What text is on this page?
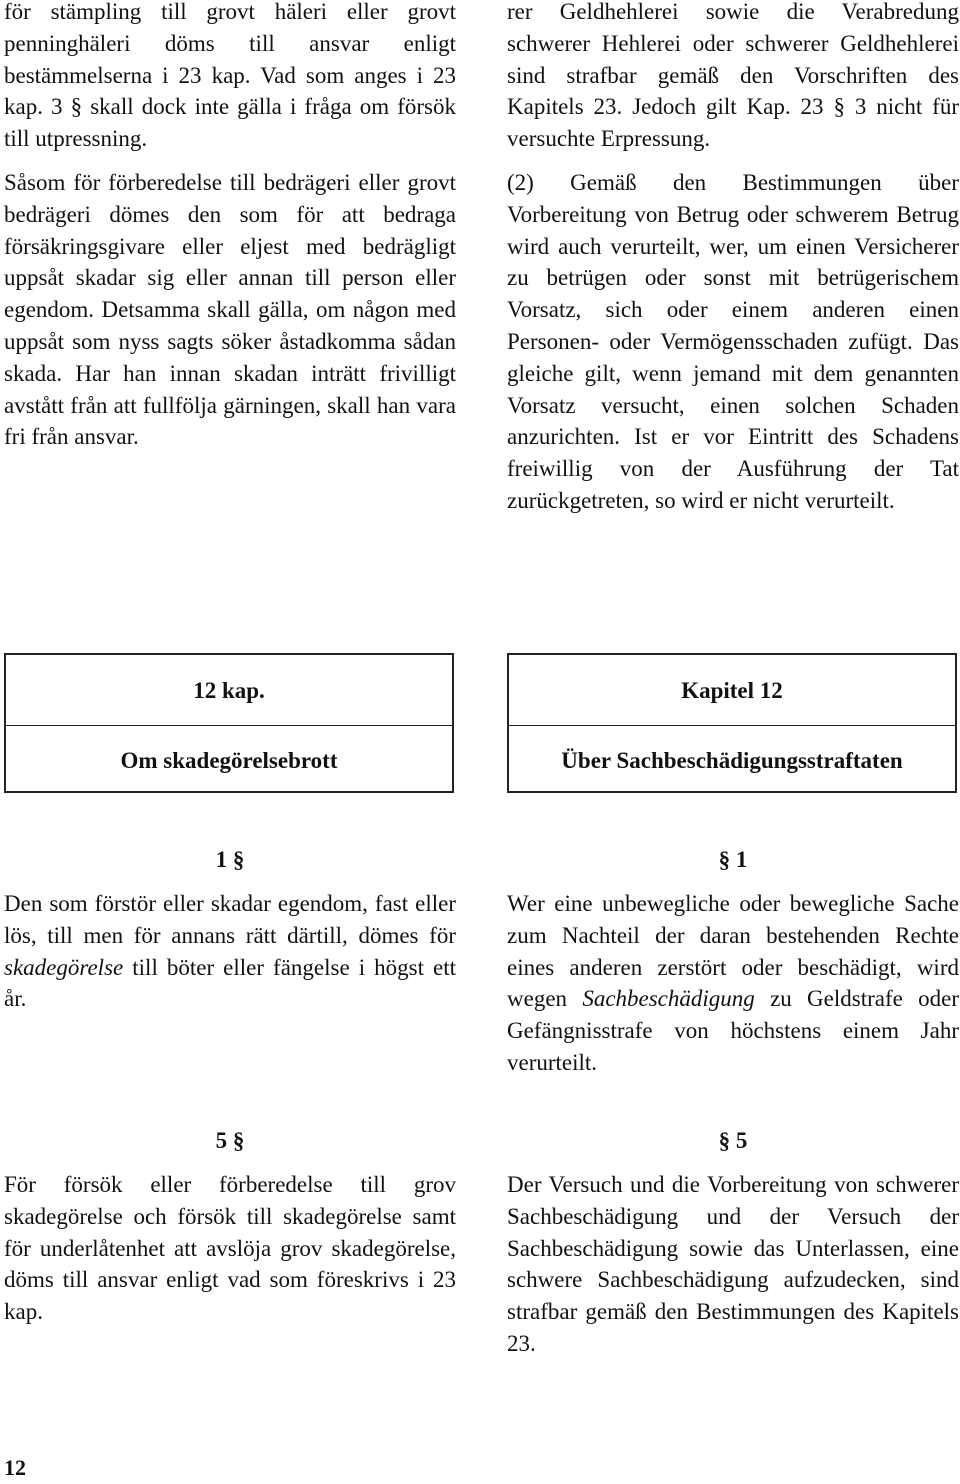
för stämpling till grovt häleri eller grovt penninghäleri döms till ansvar enligt bestämmelserna i 23 kap. Vad som anges i 23 kap. 3 § skall dock inte gälla i fråga om försök till utpressning.

Såsom för förberedelse till bedrägeri eller grovt bedrägeri dömes den som för att bedraga försäkringsgivare eller eljest med bedrägligt uppsåt skadar sig eller annan till person eller egendom. Detsamma skall gälla, om någon med uppsåt som nyss sagts söker åstadkomma sådan skada. Har han innan skadan inträtt frivilligt avstått från att fullfölja gärningen, skall han vara fri från ansvar.

rer Geldhehlerei sowie die Verabredung schwerer Hehlerei oder schwerer Geldhehlerei sind strafbar gemäß den Vorschriften des Kapitels 23. Jedoch gilt Kap. 23 § 3 nicht für versuchte Erpressung.

(2) Gemäß den Bestimmungen über Vorbereitung von Betrug oder schwerem Betrug wird auch verurteilt, wer, um einen Versicherer zu betrügen oder sonst mit betrügerischem Vorsatz, sich oder einem anderen einen Personen- oder Vermögensschaden zufügt. Das gleiche gilt, wenn jemand mit dem genannten Vorsatz versucht, einen solchen Schaden anzurichten. Ist er vor Eintritt des Schadens freiwillig von der Ausführung der Tat zurückgetreten, so wird er nicht verurteilt.

12 kap.
Om skadegörelsebrott
Kapitel 12
Über Sachbeschädigungsstraftaten
1 §

Den som förstör eller skadar egendom, fast eller lös, till men för annans rätt därtill, dömes för skadegörelse till böter eller fängelse i högst ett år.

§ 1

Wer eine unbewegliche oder bewegliche Sache zum Nachteil der daran bestehenden Rechte eines anderen zerstört oder beschädigt, wird wegen Sachbeschädigung zu Geldstrafe oder Gefängnisstrafe von höchstens einem Jahr verurteilt.

5 §

För försök eller förberedelse till grov skadegörelse och försök till skadegörelse samt för underlåtenhet att avslöja grov skadegörelse, döms till ansvar enligt vad som föreskrivs i 23 kap.

§ 5

Der Versuch und die Vorbereitung von schwerer Sachbeschädigung und der Versuch der Sachbeschädigung sowie das Unterlassen, eine schwere Sachbeschädigung aufzudecken, sind strafbar gemäß den Bestimmungen des Kapitels 23.

12
